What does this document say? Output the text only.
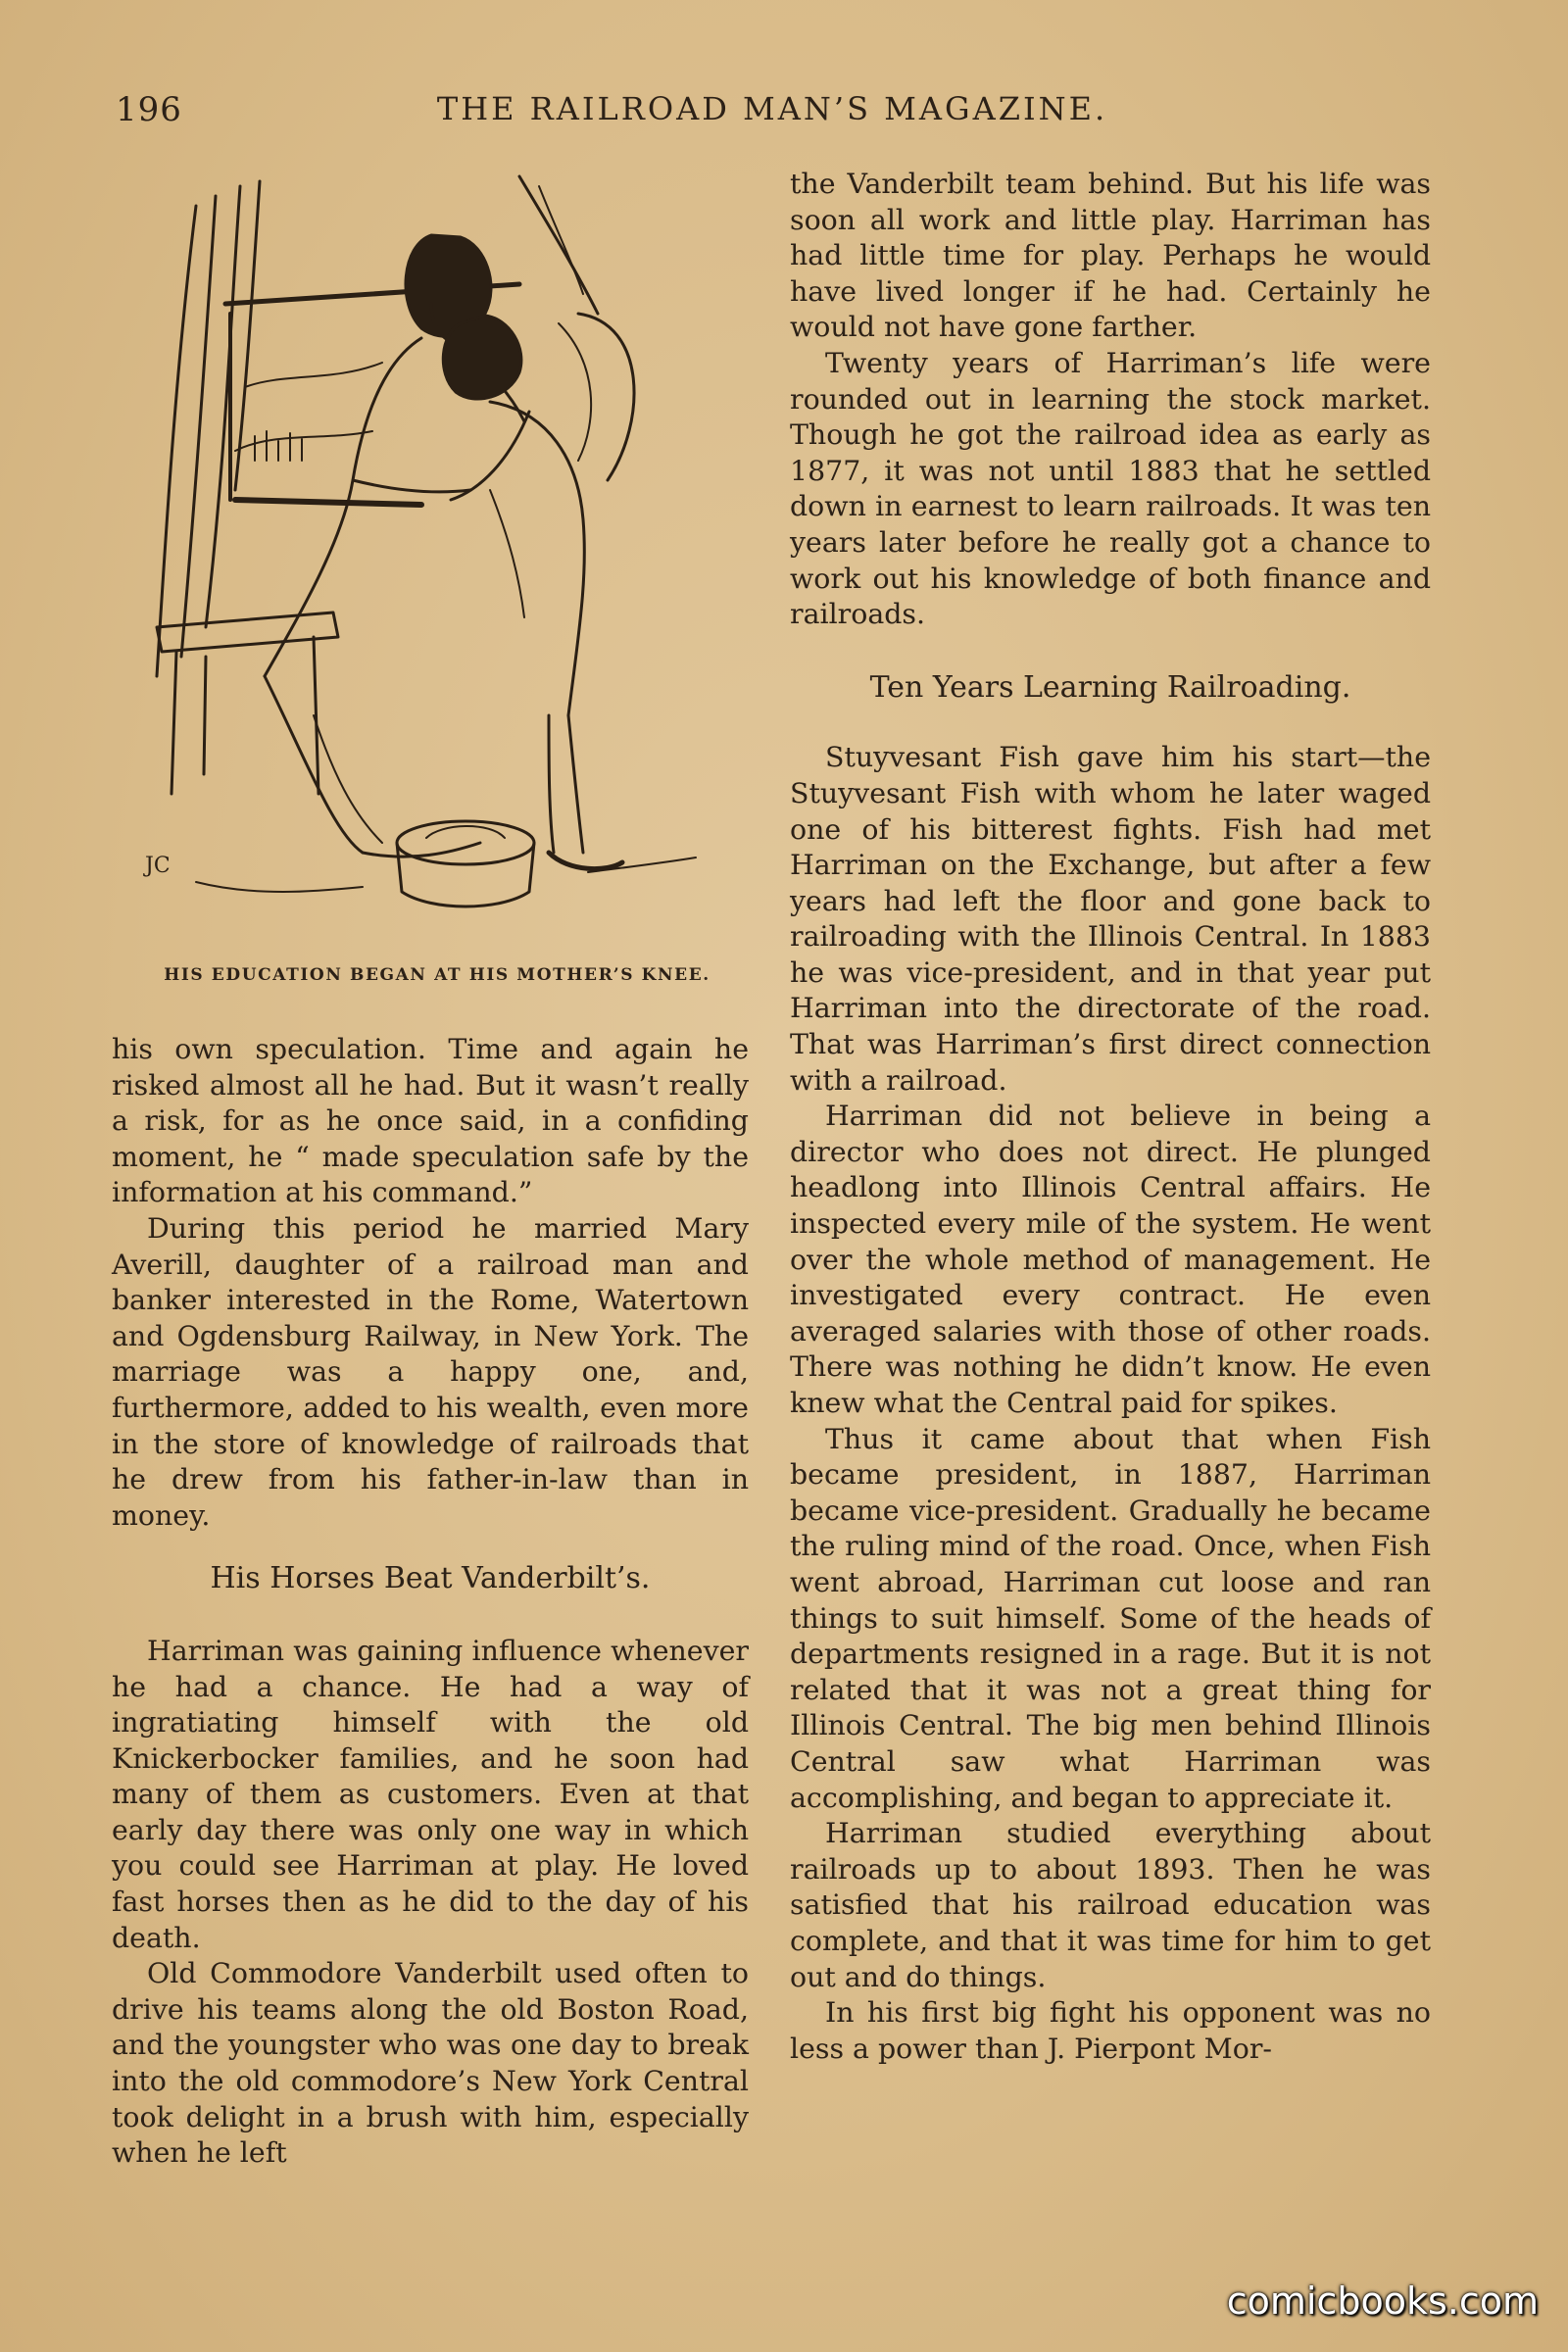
196	THE RAILROAD MAN’S MAGAZINE.
JC
HIS EDUCATION BEGAN AT HIS MOTHER’S KNEE.

his own speculation. Time and again he risked almost all he had. But it wasn’t really a risk, for as he once said, in a confiding moment, he “ made speculation safe by the information at his command.”

During this period he married Mary Averill, daughter of a railroad man and banker interested in the Rome, Watertown and Ogdensburg Railway, in New York. The marriage was a happy one, and, furthermore, added to his wealth, even more in the store of knowledge of railroads that he drew from his father-in-law than in money.

His Horses Beat Vanderbilt’s.

Harriman was gaining influence whenever he had a chance. He had a way of ingratiating himself with the old Knickerbocker families, and he soon had many of them as customers. Even at that early day there was only one way in which you could see Harriman at play. He loved fast horses then as he did to the day of his death.

Old Commodore Vanderbilt used often to drive his teams along the old Boston Road, and the youngster who was one day to break into the old commodore’s New York Central took delight in a brush with him, especially when he left

the Vanderbilt team behind. But his life was soon all work and little play. Harriman has had little time for play. Perhaps he would have lived longer if he had. Certainly he would not have gone farther.

Twenty years of Harriman’s life were rounded out in learning the stock market. Though he got the railroad idea as early as 1877, it was not until 1883 that he settled down in earnest to learn railroads. It was ten years later before he really got a chance to work out his knowledge of both finance and railroads.

Ten Years Learning Railroading.

Stuyvesant Fish gave him his start—the Stuyvesant Fish with whom he later waged one of his bitterest fights. Fish had met Harriman on the Exchange, but after a few years had left the floor and gone back to railroading with the Illinois Central. In 1883 he was vice-president, and in that year put Harriman into the directorate of the road. That was Harriman’s first direct connection with a railroad.

Harriman did not believe in being a director who does not direct. He plunged headlong into Illinois Central affairs. He inspected every mile of the system. He went over the whole method of management. He investigated every contract. He even averaged salaries with those of other roads. There was nothing he didn’t know. He even knew what the Central paid for spikes.

Thus it came about that when Fish became president, in 1887, Harriman became vice-president. Gradually he became the ruling mind of the road. Once, when Fish went abroad, Harriman cut loose and ran things to suit himself. Some of the heads of departments resigned in a rage. But it is not related that it was not a great thing for Illinois Central. The big men behind Illinois Central saw what Harriman was accomplishing, and began to appreciate it.

Harriman studied everything about railroads up to about 1893. Then he was satisfied that his railroad education was complete, and that it was time for him to get out and do things.

In his first big fight his opponent was no less a power than J. Pierpont Mor-

comicbooks.com
